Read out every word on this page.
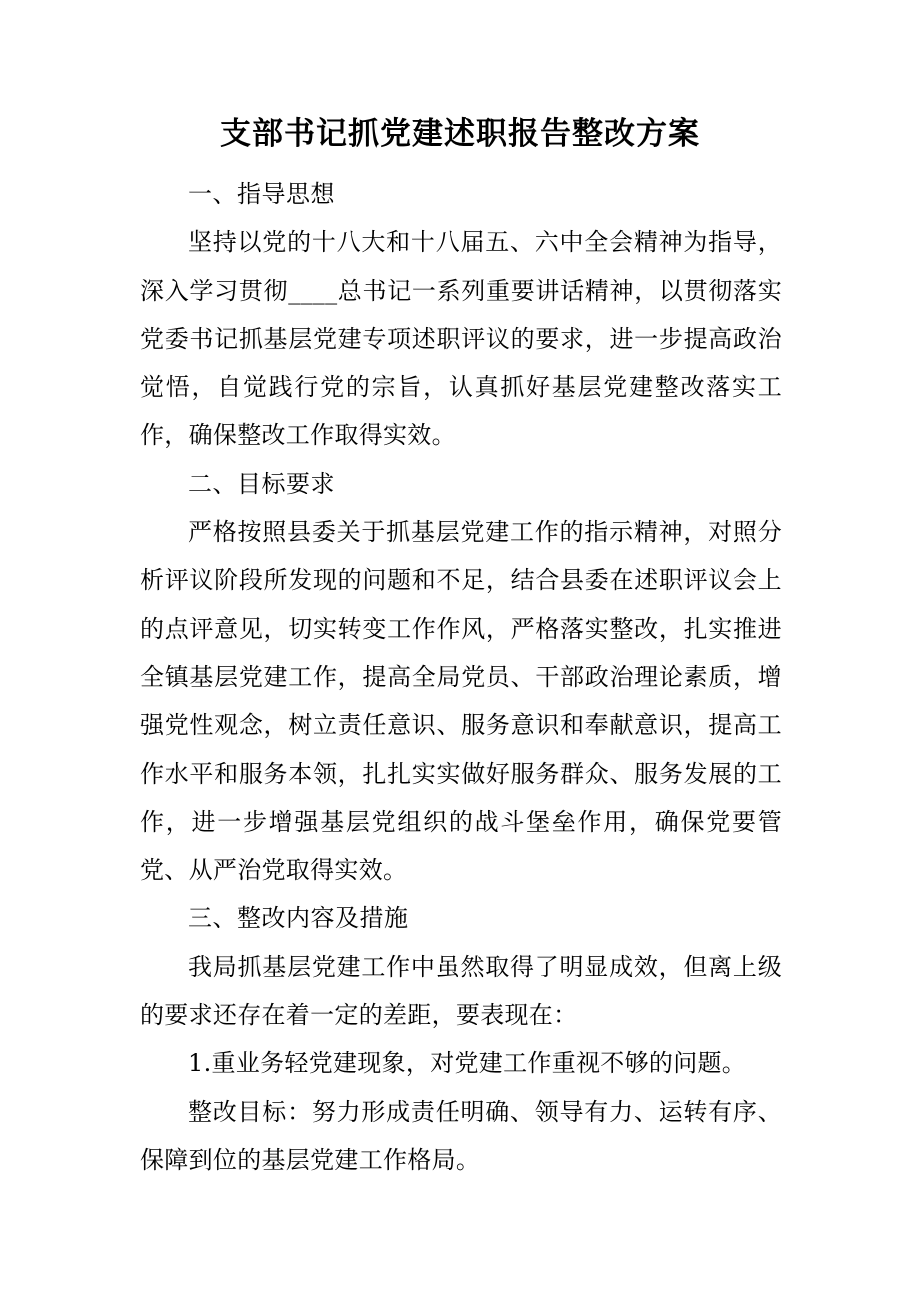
支部书记抓党建述职报告整改方案

一、指导思想

坚持以党的十八大和十八届五、六中全会精神为指导，深入学习贯彻____总书记一系列重要讲话精神，以贯彻落实党委书记抓基层党建专项述职评议的要求，进一步提高政治觉悟，自觉践行党的宗旨，认真抓好基层党建整改落实工作，确保整改工作取得实效。

二、目标要求

严格按照县委关于抓基层党建工作的指示精神，对照分析评议阶段所发现的问题和不足，结合县委在述职评议会上的点评意见，切实转变工作作风，严格落实整改，扎实推进全镇基层党建工作，提高全局党员、干部政治理论素质，增强党性观念，树立责任意识、服务意识和奉献意识，提高工作水平和服务本领，扎扎实实做好服务群众、服务发展的工作，进一步增强基层党组织的战斗堡垒作用，确保党要管党、从严治党取得实效。

三、整改内容及措施

我局抓基层党建工作中虽然取得了明显成效，但离上级的要求还存在着一定的差距，要表现在：

1.重业务轻党建现象，对党建工作重视不够的问题。

整改目标：努力形成责任明确、领导有力、运转有序、保障到位的基层党建工作格局。
